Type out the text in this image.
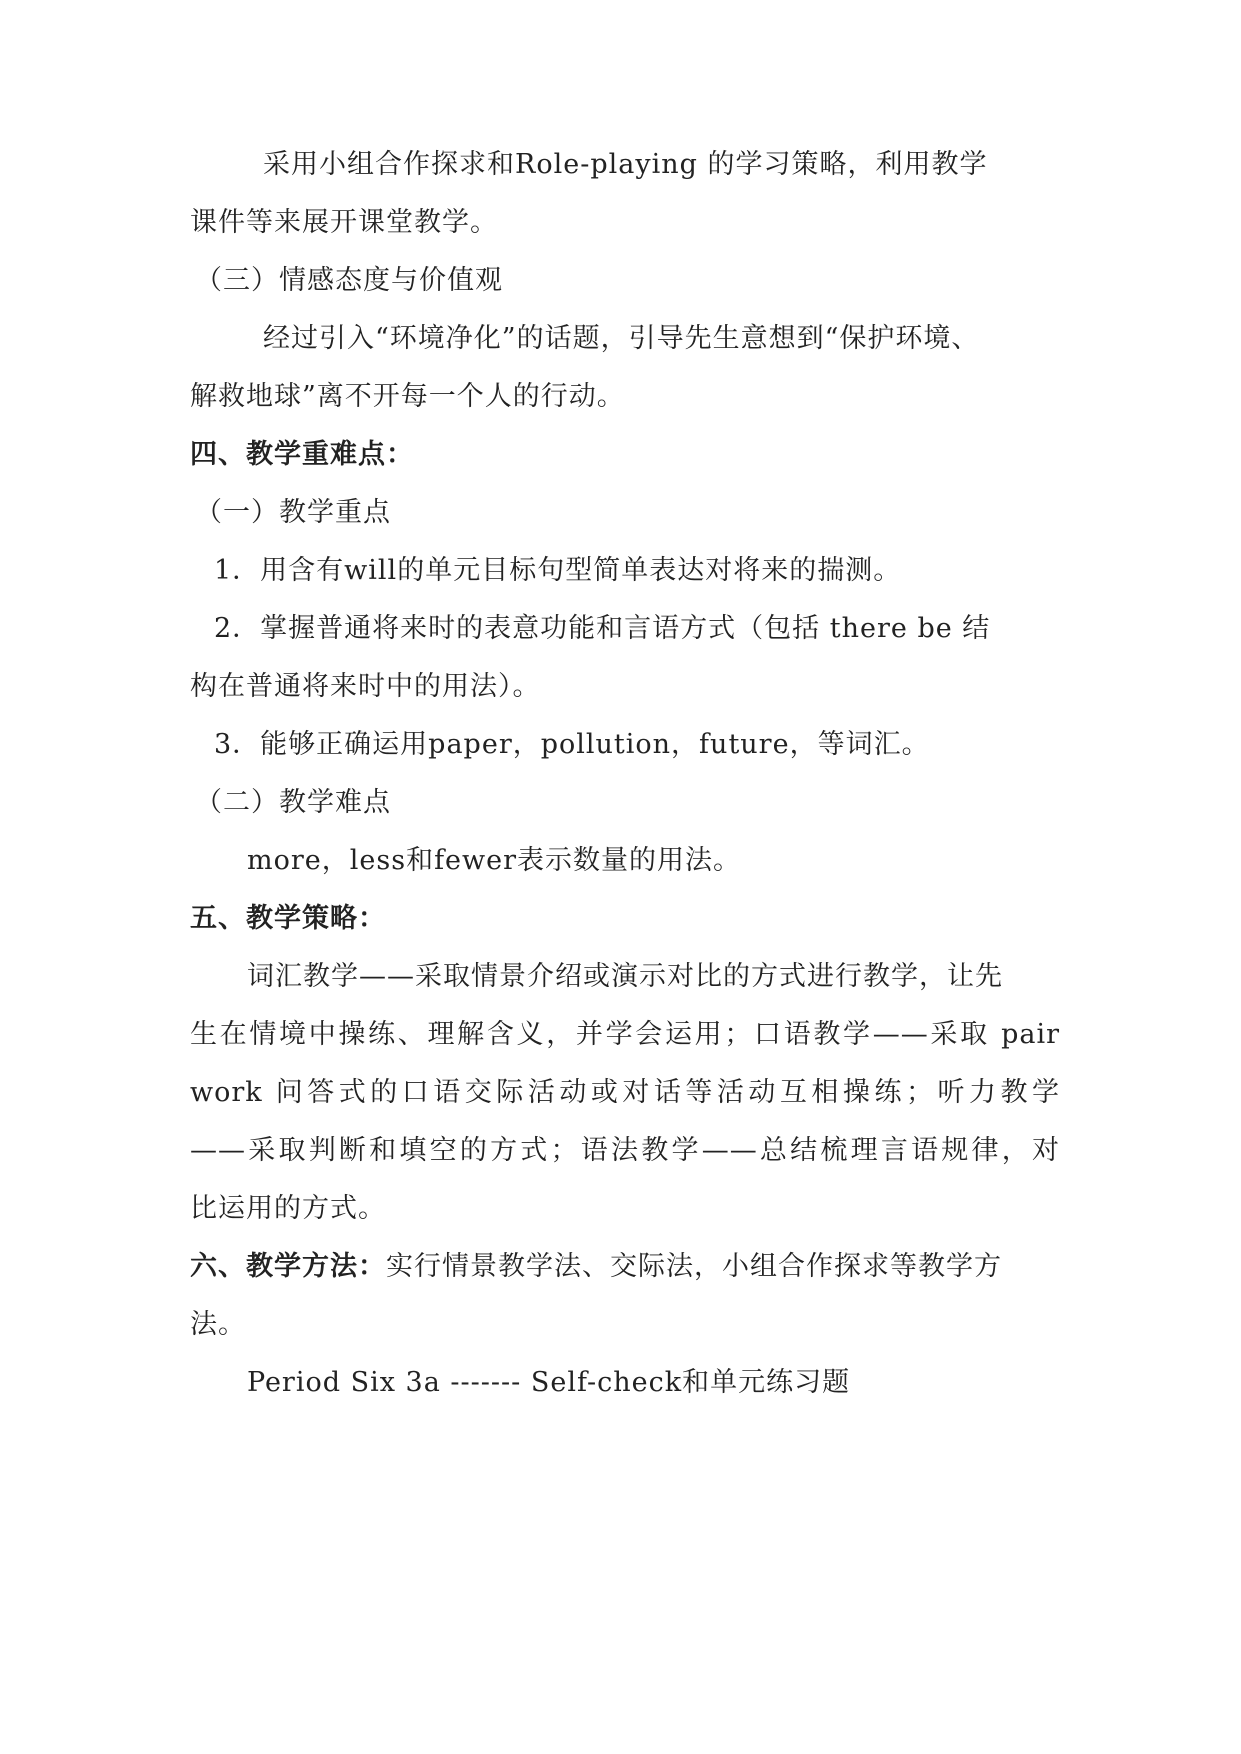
采用小组合作探求和Role-playing 的学习策略，利用教学
课件等来展开课堂教学。
（三）情感态度与价值观
经过引入“环境净化”的话题，引导先生意想到“保护环境、
解救地球”离不开每一个人的行动。
四、教学重难点：
（一）教学重点
1．用含有will的单元目标句型简单表达对将来的揣测。
2．掌握普通将来时的表意功能和言语方式（包括 there be 结
构在普通将来时中的用法）。
3．能够正确运用paper，pollution，future，等词汇。
（二）教学难点
more，less和fewer表示数量的用法。
五、教学策略：
词汇教学——采取情景介绍或演示对比的方式进行教学，让先
生在情境中操练、理解含义，并学会运用；口语教学——采取 pair
work 问答式的口语交际活动或对话等活动互相操练；听力教学
——采取判断和填空的方式；语法教学——总结梳理言语规律，对
比运用的方式。
六、教学方法：实行情景教学法、交际法，小组合作探求等教学方
法。
Period Six 3a ------- Self-check和单元练习题
